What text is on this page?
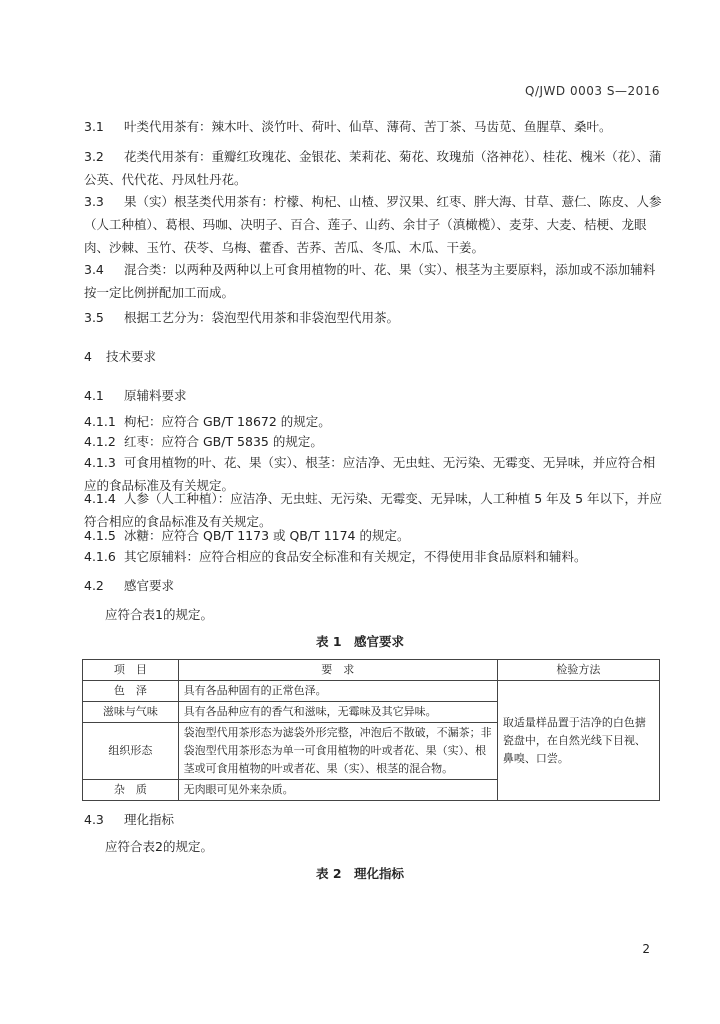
Q/JWD 0003 S—2016
3.1 叶类代用茶有：辣木叶、淡竹叶、荷叶、仙草、薄荷、苦丁茶、马齿苋、鱼腥草、桑叶。
3.2 花类代用茶有：重瓣红玫瑰花、金银花、茉莉花、菊花、玫瑰茄（洛神花）、桂花、槐米（花）、蒲公英、代代花、丹凤牡丹花。
3.3 果（实）根茎类代用茶有：柠檬、枸杞、山楂、罗汉果、红枣、胖大海、甘草、薏仁、陈皮、人参（人工种植）、葛根、玛咖、决明子、百合、莲子、山药、余甘子（滇橄榄）、麦芽、大麦、桔梗、龙眼肉、沙棘、玉竹、茯苓、乌梅、藿香、苦荞、苦瓜、冬瓜、木瓜、干姜。
3.4 混合类：以两种及两种以上可食用植物的叶、花、果（实）、根茎为主要原料，添加或不添加辅料按一定比例拼配加工而成。
3.5 根据工艺分为：袋泡型代用茶和非袋泡型代用茶。
4 技术要求
4.1 原辅料要求
4.1.1 枸杞：应符合 GB/T 18672 的规定。
4.1.2 红枣：应符合 GB/T 5835 的规定。
4.1.3 可食用植物的叶、花、果（实）、根茎：应洁净、无虫蛀、无污染、无霉变、无异味，并应符合相应的食品标准及有关规定。
4.1.4 人参（人工种植）：应洁净、无虫蛀、无污染、无霉变、无异味，人工种植 5 年及 5 年以下，并应符合相应的食品标准及有关规定。
4.1.5 冰糖：应符合 QB/T 1173 或 QB/T 1174 的规定。
4.1.6 其它原辅料：应符合相应的食品安全标准和有关规定，不得使用非食品原料和辅料。
4.2 感官要求
应符合表1的规定。
表 1　感官要求
项　目	要　求	检验方法
色　泽	具有各品种固有的正常色泽。	取适量样品置于洁净的白色搪瓷盘中，在自然光线下目视、鼻嗅、口尝。
滋味与气味	具有各品种应有的香气和滋味，无霉味及其它异味。	
组织形态	袋泡型代用茶形态为滤袋外形完整，冲泡后不散破，不漏茶；非袋泡型代用茶形态为单一可食用植物的叶或者花、果（实）、根茎或可食用植物的叶或者花、果（实）、根茎的混合物。	
杂　质	无肉眼可见外来杂质。	
4.3 理化指标
应符合表2的规定。
表 2　理化指标
2
